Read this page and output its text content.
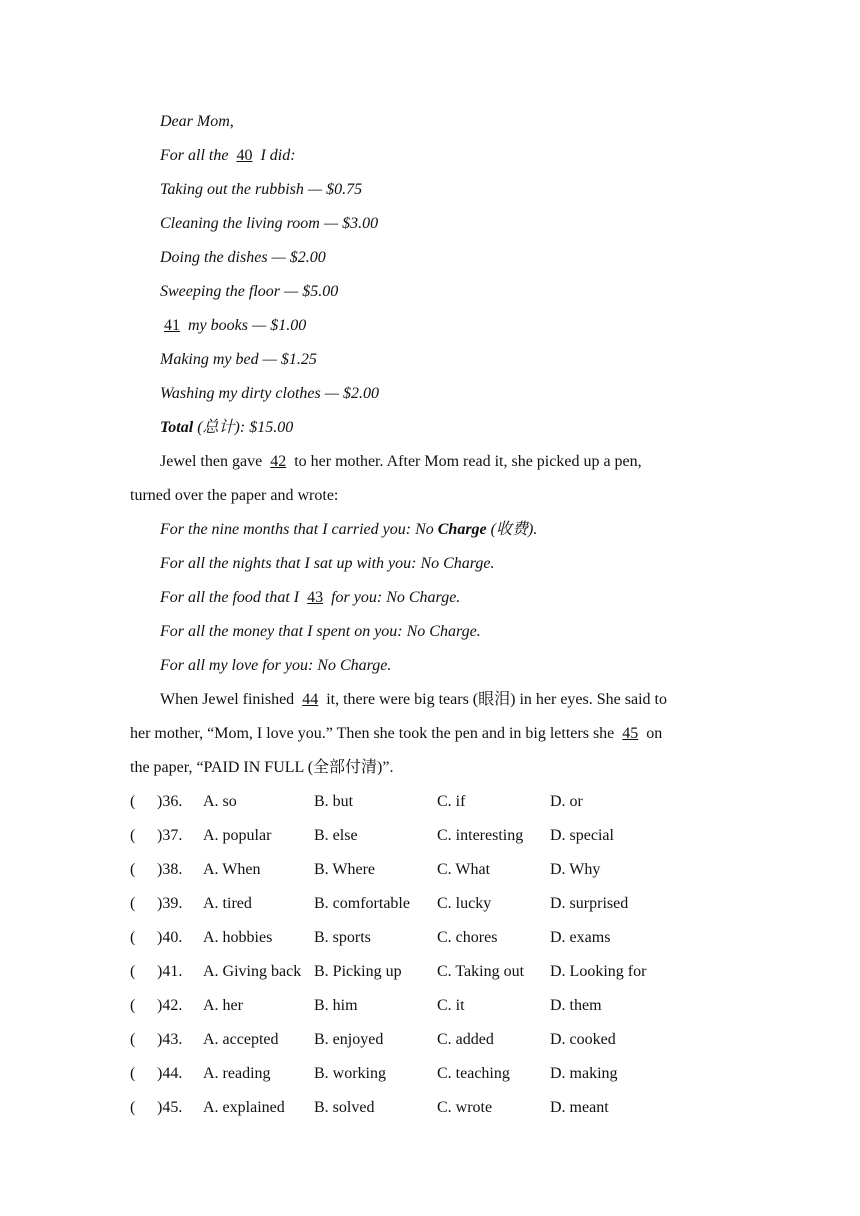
Dear Mom,
For all the 40 I did:
Taking out the rubbish — $0.75
Cleaning the living room — $3.00
Doing the dishes — $2.00
Sweeping the floor — $5.00
41 my books — $1.00
Making my bed — $1.25
Washing my dirty clothes — $2.00
Total (总计): $15.00
Jewel then gave 42 to her mother. After Mom read it, she picked up a pen,
turned over the paper and wrote:
For the nine months that I carried you: No Charge (收费).
For all the nights that I sat up with you: No Charge.
For all the food that I 43 for you: No Charge.
For all the money that I spent on you: No Charge.
For all my love for you: No Charge.
When Jewel finished 44 it, there were big tears (眼泪) in her eyes. She said to
her mother, “Mom, I love you.” Then she took the pen and in big letters she 45 on
the paper, “PAID IN FULL (全部付清)”.
( )36. A. so	B. but	C. if	D. or
( )37. A. popular	B. else	C. interesting D. special
( )38. A. When	B. Where	C. What	D. Why
( )39. A. tired	B. comfortable C. lucky	D. surprised
( )40. A. hobbies	B. sports	C. chores	D. exams
( )41. A. Giving back B. Picking up C. Taking out D. Looking for
( )42. A. her	B. him	C. it	D. them
( )43. A. accepted B. enjoyed	C. added	D. cooked
( )44. A. reading	B. working	C. teaching	D. making
( )45. A. explained B. solved	C. wrote	D. meant
